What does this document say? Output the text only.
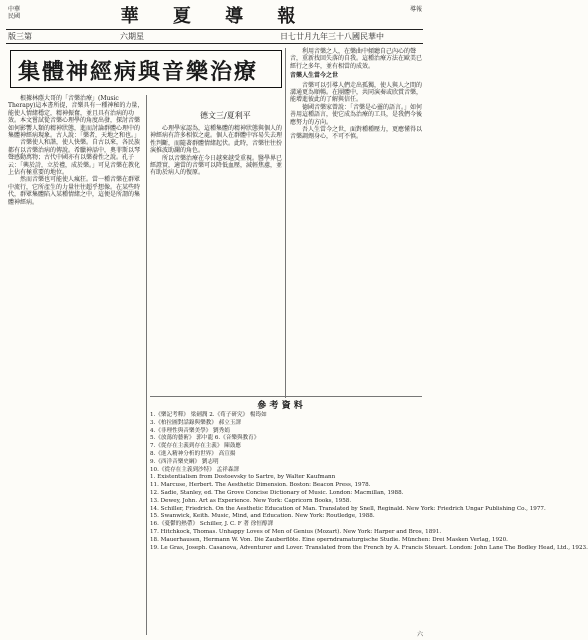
中華民國	華 夏 導 報	導報
版三第	六期星	日七廿月九年三十八國民華中
集體神經病與音樂治療

利用音樂之人，在樂曲中傾聽自己內心的聲音，重新找回失落的自我。這種治療方法在歐美已經行之多年，並有相當的成效。

音樂人生當今之世

音樂可以引導人們走出孤獨，使人與人之間的溝通更為順暢。在團體中，共同演奏或欣賞音樂，能增進彼此的了解與信任。

德國音樂家曾說：「音樂是心靈的語言。」如何善用這種語言，使它成為治療的工具，是我們今後應努力的方向。

吾人生當今之世，面對種種壓力，更應懂得以音樂調劑身心，不可不慎。

德文三/夏利平

根據林蔭大哥的「音樂治療」(Music Therapy)這本書所提，音樂具有一種神秘的力量，能使人情緒穩定，精神振奮，並且具有治病的功效。本文嘗試從音樂心理學的角度出發，探討音樂如何影響人類的精神狀態，進而討論群體心理中的集體神經病現象。古人說：「樂者，天地之和也。」

音樂使人和諧，使人快樂。自古以來，各民族都有以音樂治病的傳說。希臘神話中，奧菲斯以琴聲感動萬物；古代中國亦有以樂養性之說。孔子云：「興於詩，立於禮，成於樂。」可見音樂在教化上佔有極重要的地位。

然而音樂也可能使人瘋狂。當一種音樂在群眾中流行，它所產生的力量往往超乎想像。在某些時代，群眾集體陷入某種情緒之中，這便是所謂的集體神經病。

心理學家認為，這種集體的精神狀態與個人的神經病有許多相似之處。個人在群體中容易失去理性判斷，而隨著群體情緒起伏。此時，音樂往往扮演推波助瀾的角色。

所以音樂治療在今日越來越受重視。醫學界已經證實，適當的音樂可以降低血壓，減輕焦慮，並有助於病人的復原。

參 考 資 料
1.《樂記考釋》 梁劍潤 2.《荀子研究》 楊筠如
3.《柏拉圖對話錄與樂教》 郝立玉譯
4.《非理性與音樂美學》 劉秀娟
5.《放蕩的藝術》 郭中龍 6.《音樂與教育》
7.《從存在主義到存在主義》 陳鼓應
8.《進入精神分析的世界》 高宣揚
9.《西洋音樂史綱》 劉志明
10.《從存在主義到沙特》 孟祥森譯
1. Existentialism from Dostoevsky to Sartre, by Walter Kaufmann
11. Marcuse, Herbert. The Aesthetic Dimension. Boston: Beacon Press, 1978.
12. Sadie, Stanley, ed. The Grove Concise Dictionary of Music. London: Macmillan, 1988.
13. Dewey, John. Art as Experience. New York: Capricorn Books, 1958.
14. Schiller, Friedrich. On the Aesthetic Education of Man. Translated by Snell, Reginald. New York: Friedrich Ungar Publishing Co., 1977.
15. Swanwick, Keith. Music, Mind, and Education. New York: Routledge, 1988.
16.《憂鬱的熱帶》 Schiller, J. C. F 著 徐恒醇譯
17. Hitchkock, Thomas. Unhappy Loves of Men of Genius (Mozart). New York: Harper and Bros, 1891.
18. Mauerhausen, Hermann W. Von. Die Zauberflöte. Eine operndramaturgische Studie. München: Drei Masken Verlag, 1920.
19. Le Gras, Joseph. Casanova, Adventurer and Lover. Translated from the French by A. Francis Steuart. London: John Lane The Bodley Head, Ltd., 1923.
六
